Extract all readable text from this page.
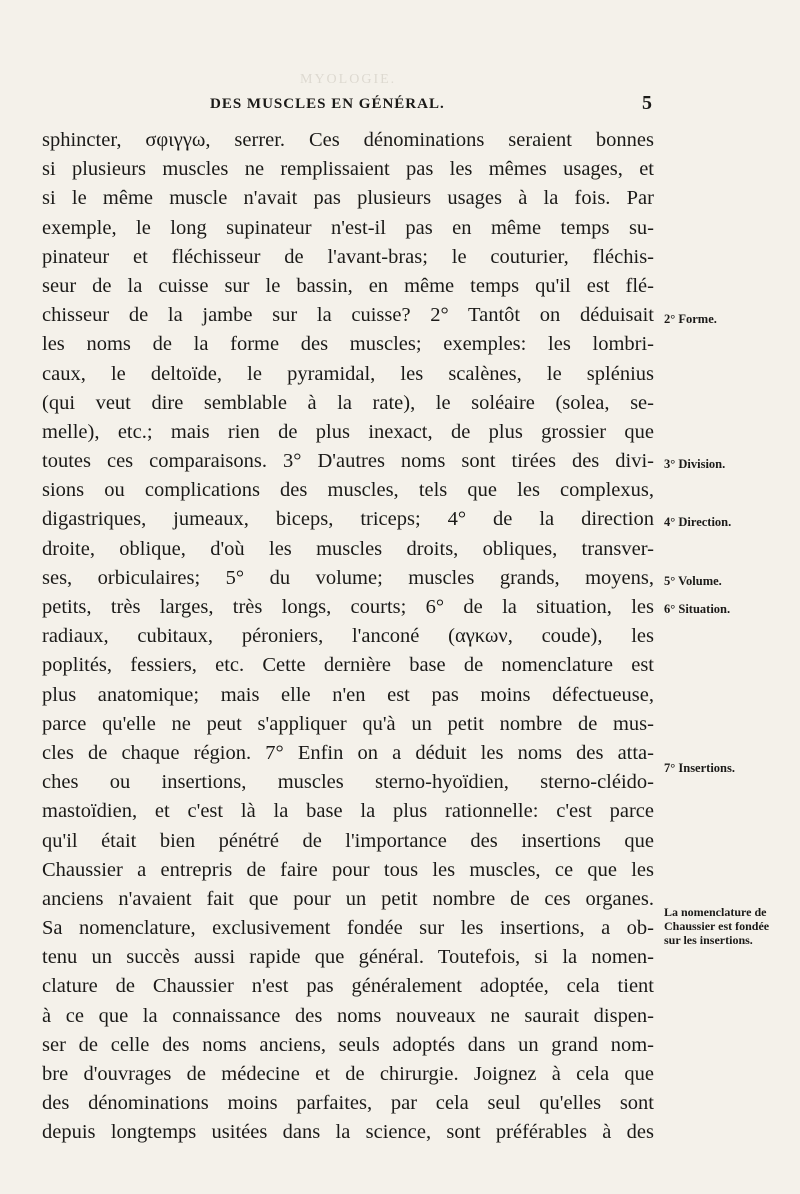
MYOLOGIE.
DES MUSCLES EN GÉNÉRAL.	5
sphincter, σφιγγω, serrer. Ces dénominations seraient bonnes
si plusieurs muscles ne remplissaient pas les mêmes usages, et
si le même muscle n'avait pas plusieurs usages à la fois. Par
exemple, le long supinateur n'est-il pas en même temps su-
pinateur et fléchisseur de l'avant-bras; le couturier, fléchis-
seur de la cuisse sur le bassin, en même temps qu'il est flé-
chisseur de la jambe sur la cuisse? 2° Tantôt on déduisait
les noms de la forme des muscles; exemples: les lombri-
caux, le deltoïde, le pyramidal, les scalènes, le splénius
(qui veut dire semblable à la rate), le soléaire (solea, se-
melle), etc.; mais rien de plus inexact, de plus grossier que
toutes ces comparaisons. 3° D'autres noms sont tirées des divi-
sions ou complications des muscles, tels que les complexus,
digastriques, jumeaux, biceps, triceps; 4° de la direction
droite, oblique, d'où les muscles droits, obliques, transver-
ses, orbiculaires; 5° du volume; muscles grands, moyens,
petits, très larges, très longs, courts; 6° de la situation, les
radiaux, cubitaux, péroniers, l'anconé (αγκων, coude), les
poplités, fessiers, etc. Cette dernière base de nomenclature est
plus anatomique; mais elle n'en est pas moins défectueuse,
parce qu'elle ne peut s'appliquer qu'à un petit nombre de mus-
cles de chaque région. 7° Enfin on a déduit les noms des atta-
ches ou insertions, muscles sterno-hyoïdien, sterno-cléido-
mastoïdien, et c'est là la base la plus rationnelle: c'est parce
qu'il était bien pénétré de l'importance des insertions que
Chaussier a entrepris de faire pour tous les muscles, ce que les
anciens n'avaient fait que pour un petit nombre de ces organes.
Sa nomenclature, exclusivement fondée sur les insertions, a ob-
tenu un succès aussi rapide que général. Toutefois, si la nomen-
clature de Chaussier n'est pas généralement adoptée, cela tient
à ce que la connaissance des noms nouveaux ne saurait dispen-
ser de celle des noms anciens, seuls adoptés dans un grand nom-
bre d'ouvrages de médecine et de chirurgie. Joignez à cela que
des dénominations moins parfaites, par cela seul qu'elles sont
depuis longtemps usitées dans la science, sont préférables à des
2° Forme.
3° Division.
4° Direction.
5° Volume.
6° Situation.
7° Insertions.
La nomenclature de Chaussier est fondée sur les insertions.
